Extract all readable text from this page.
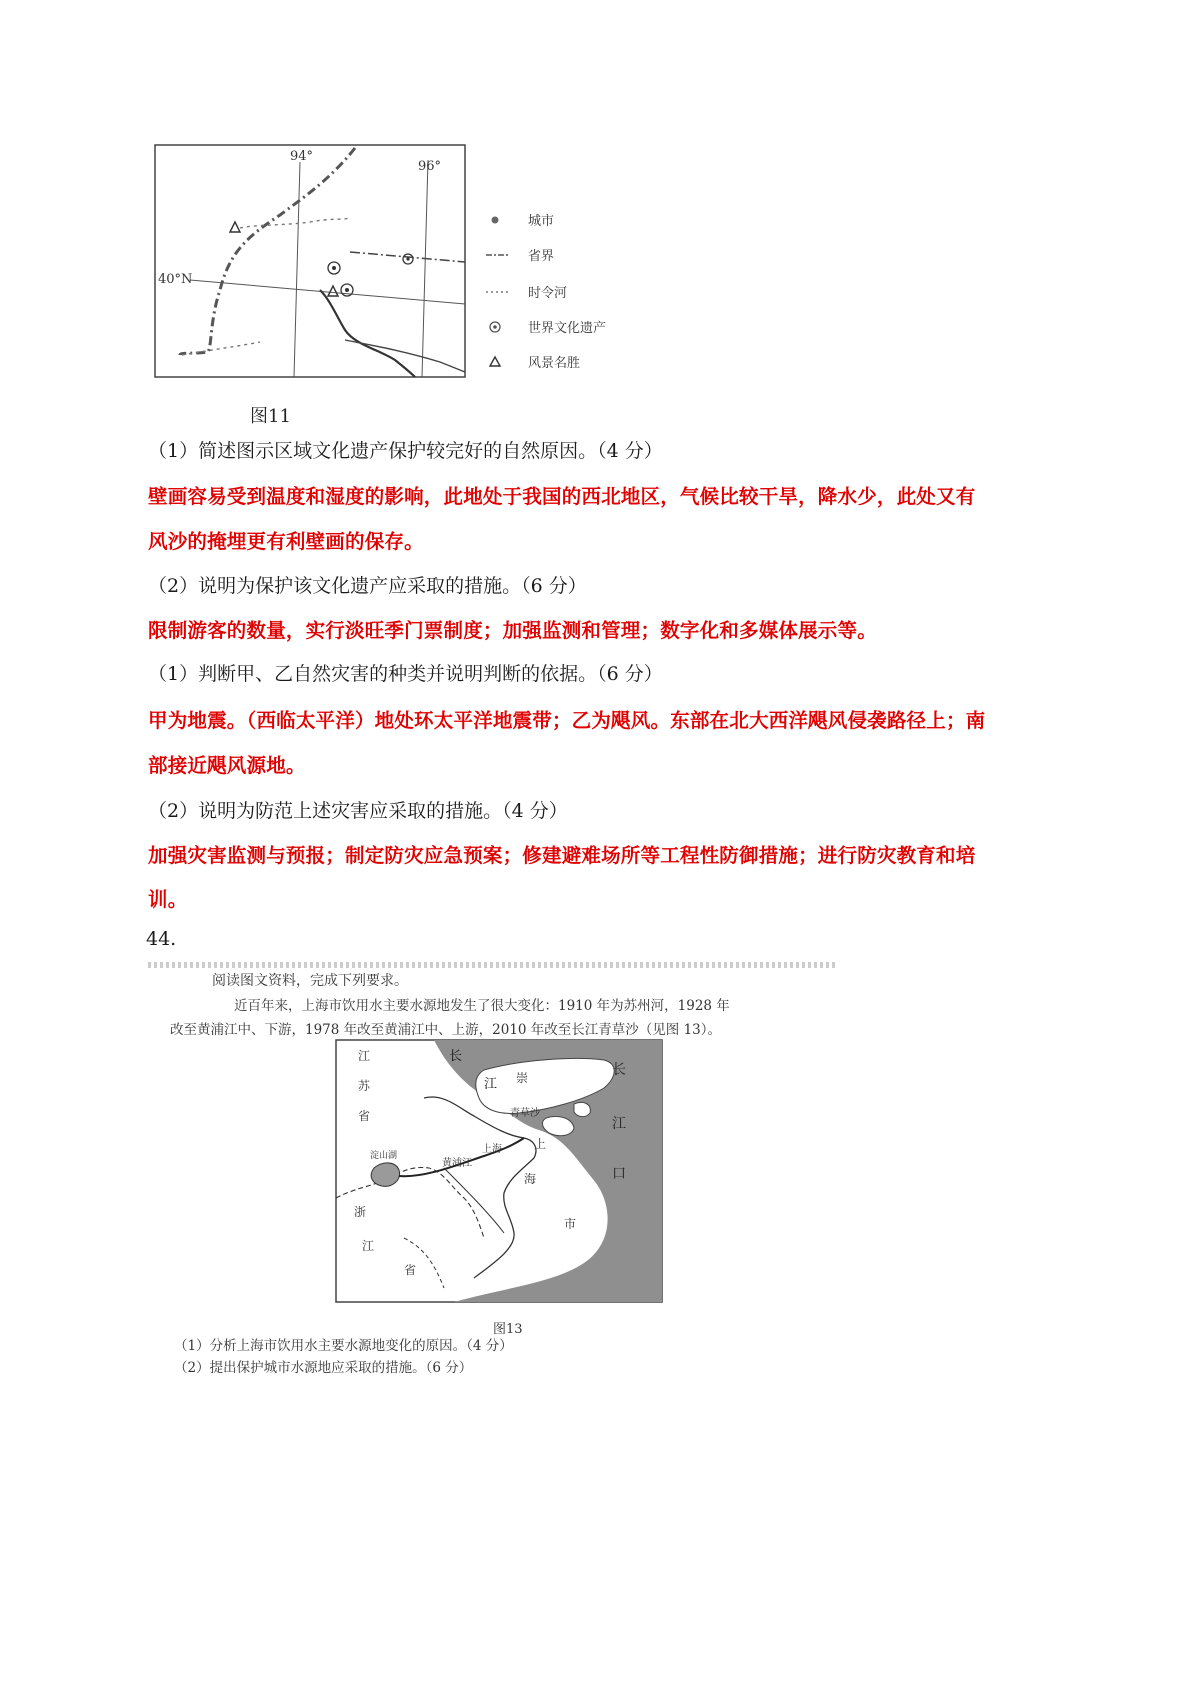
94°
96°
40°N
城市
省界
时令河
世界文化遗产
风景名胜
图11
（1）简述图示区域文化遗产保护较完好的自然原因。（4 分）
壁画容易受到温度和湿度的影响，此地处于我国的西北地区，气候比较干旱，降水少，此处又有
风沙的掩埋更有利壁画的保存。
（2）说明为保护该文化遗产应采取的措施。（6 分）
限制游客的数量，实行淡旺季门票制度；加强监测和管理；数字化和多媒体展示等。
（1）判断甲、乙自然灾害的种类并说明判断的依据。（6 分）
甲为地震。（西临太平洋）地处环太平洋地震带；乙为飓风。东部在北大西洋飓风侵袭路径上；南
部接近飓风源地。
（2）说明为防范上述灾害应采取的措施。（4 分）
加强灾害监测与预报；制定防灾应急预案；修建避难场所等工程性防御措施；进行防灾教育和培
训。
44.
阅读图文资料，完成下列要求。
近百年来，上海市饮用水主要水源地发生了很大变化：1910 年为苏州河，1928 年
改至黄浦江中、下游，1978 年改至黄浦江中、上游，2010 年改至长江青草沙（见图 13）。
江
苏
省
浙
江
省
长
江
长
江
口
崇
青草沙
上海
黄浦江
淀山湖
上
海
市
图13
（1）分析上海市饮用水主要水源地变化的原因。（4 分）
（2）提出保护城市水源地应采取的措施。（6 分）
